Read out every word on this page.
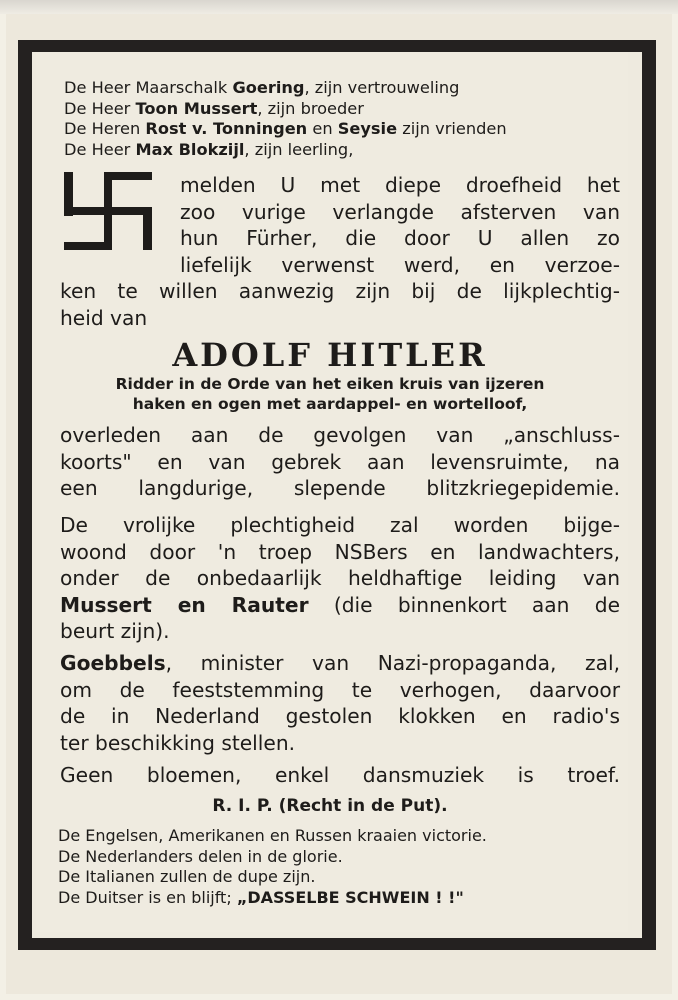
De Heer Maarschalk Goering, zijn vertrouweling
De Heer Toon Mussert, zijn broeder
De Heren Rost v. Tonningen en Seysie zijn vrienden
De Heer Max Blokzijl, zijn leerling,
melden U met diepe droefheid het
zoo vurige verlangde afsterven van
hun Fürher, die door U allen zo
liefelijk verwenst werd, en verzoe-
ken te willen aanwezig zijn bij de lijkplechtig-
heid van
ADOLF HITLER
Ridder in de Orde van het eiken kruis van ijzeren
haken en ogen met aardappel- en wortelloof,
overleden aan de gevolgen van „anschluss-
koorts" en van gebrek aan levensruimte, na
een langdurige, slepende blitzkriegepidemie.
De vrolijke plechtigheid zal worden bijge-
woond door 'n troep NSBers en landwachters,
onder de onbedaarlijk heldhaftige leiding van
Mussert en Rauter (die binnenkort aan de
beurt zijn).
Goebbels, minister van Nazi-propaganda, zal,
om de feeststemming te verhogen, daarvoor
de in Nederland gestolen klokken en radio's
ter beschikking stellen.
Geen bloemen, enkel dansmuziek is troef.
R. I. P. (Recht in de Put).
De Engelsen, Amerikanen en Russen kraaien victorie.
De Nederlanders delen in de glorie.
De Italianen zullen de dupe zijn.
De Duitser is en blijft; „DASSELBE SCHWEIN ! !"
